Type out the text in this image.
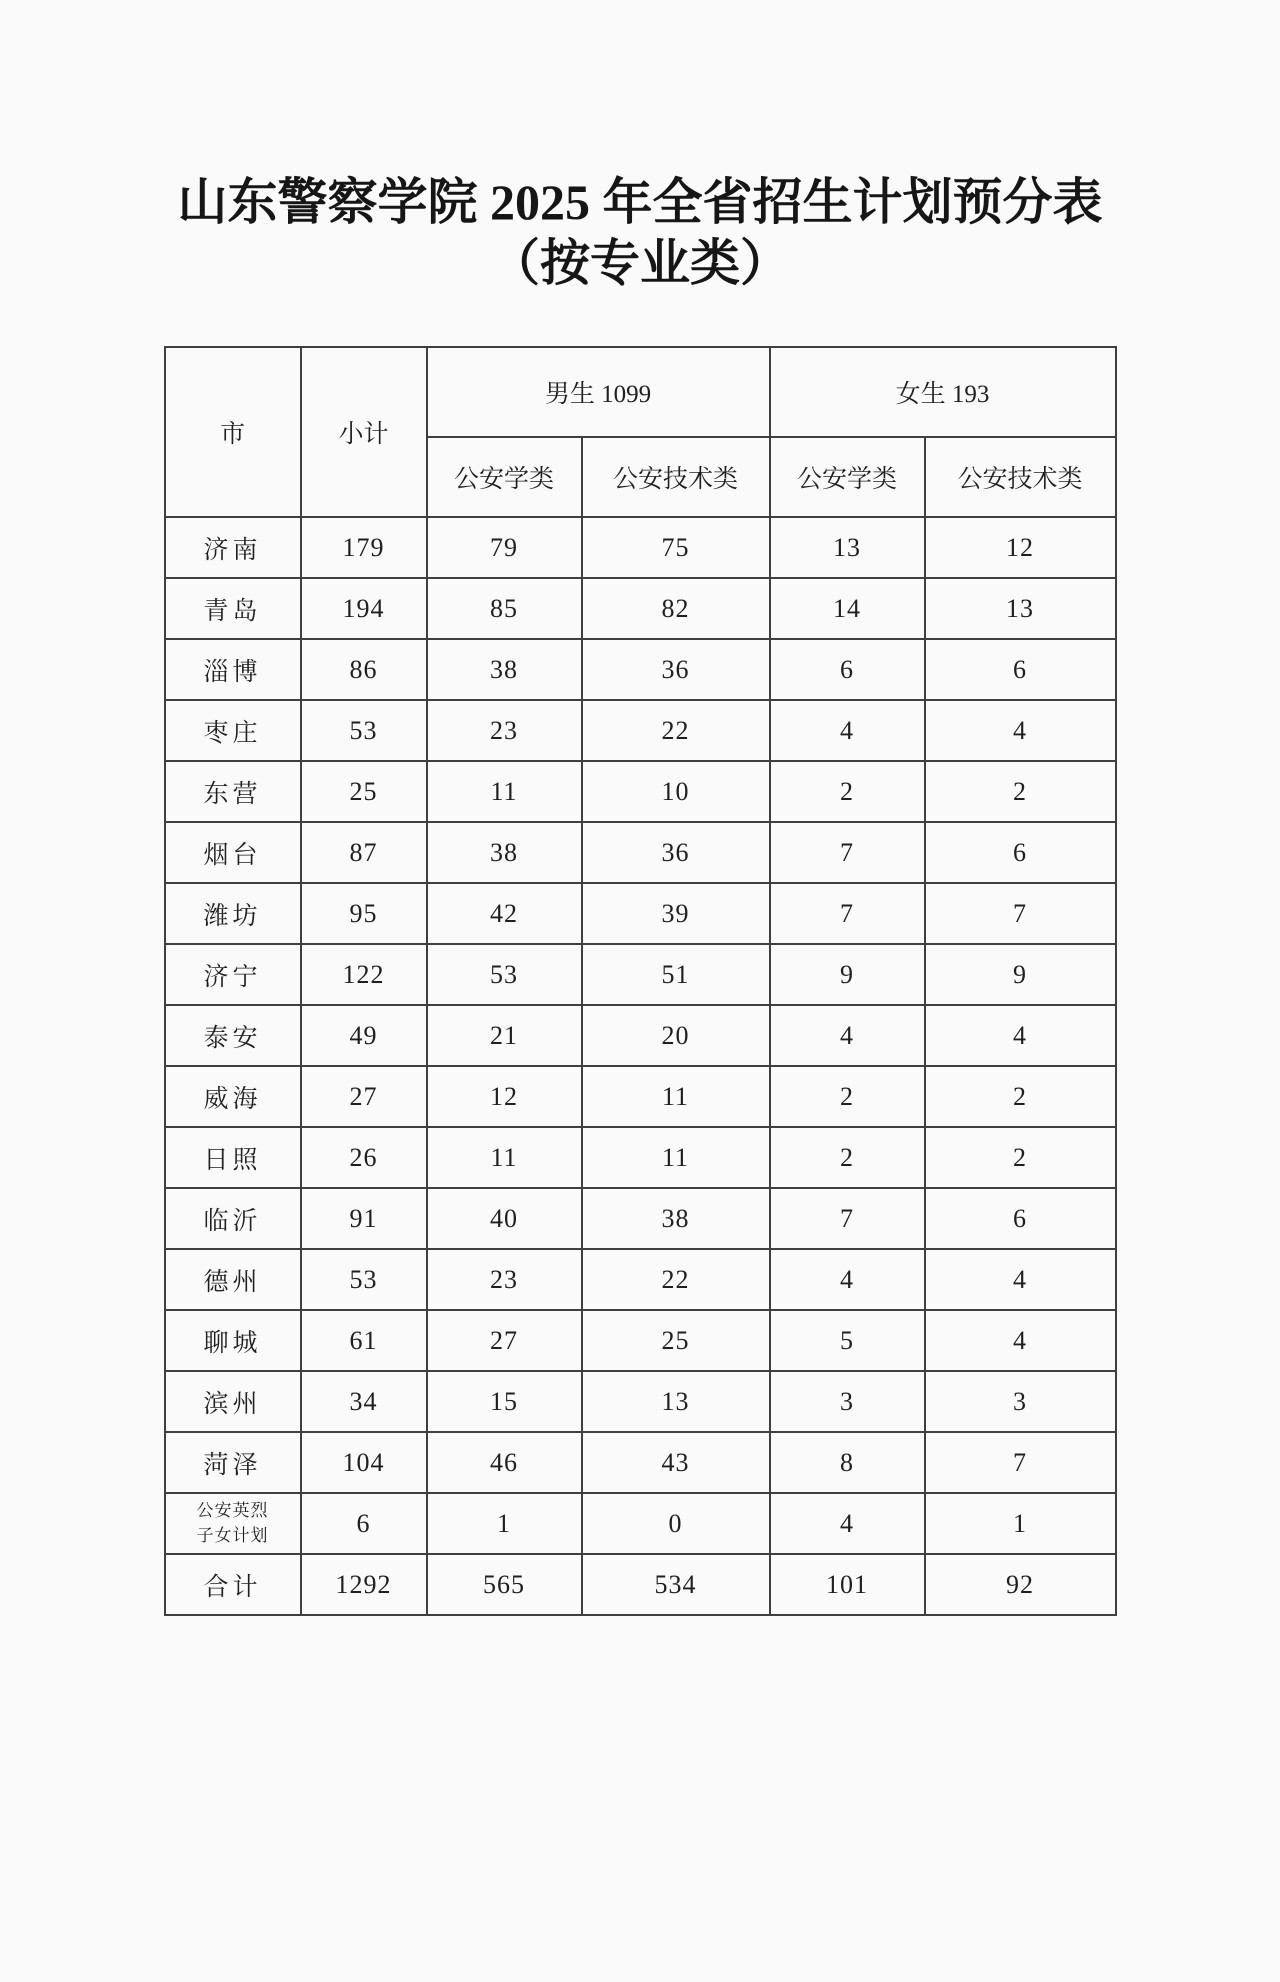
山东警察学院 2025 年全省招生计划预分表
（按专业类）
市	小计	男生 1099		女生 193	
		公安学类	公安技术类	公安学类	公安技术类
济南	179	79	75	13	12
青岛	194	85	82	14	13
淄博	86	38	36	6	6
枣庄	53	23	22	4	4
东营	25	11	10	2	2
烟台	87	38	36	7	6
潍坊	95	42	39	7	7
济宁	122	53	51	9	9
泰安	49	21	20	4	4
威海	27	12	11	2	2
日照	26	11	11	2	2
临沂	91	40	38	7	6
德州	53	23	22	4	4
聊城	61	27	25	5	4
滨州	34	15	13	3	3
菏泽	104	46	43	8	7
公安英烈子女计划	6	1	0	4	1
合计	1292	565	534	101	92
